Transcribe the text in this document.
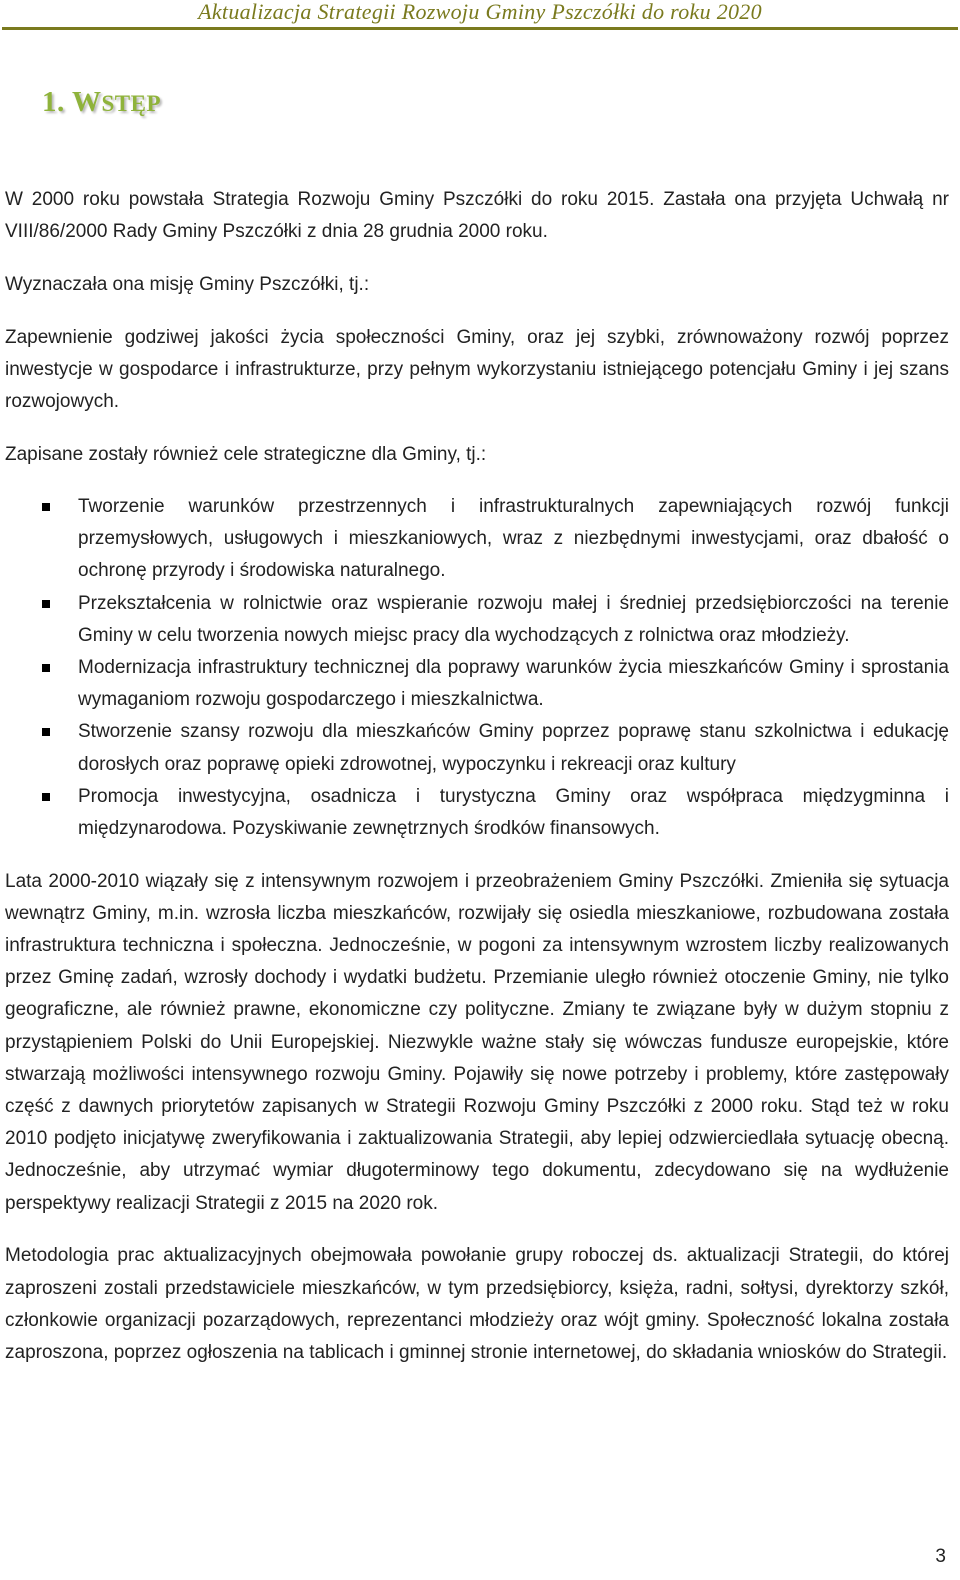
Aktualizacja Strategii Rozwoju Gminy Pszczółki do roku 2020
1. WSTĘP

W 2000 roku powstała Strategia Rozwoju Gminy Pszczółki do roku 2015. Zastała ona przyjęta Uchwałą nr VIII/86/2000 Rady Gminy Pszczółki z dnia 28 grudnia 2000 roku.

Wyznaczała ona misję Gminy Pszczółki, tj.:

Zapewnienie godziwej jakości życia społeczności Gminy, oraz jej szybki, zrównoważony rozwój poprzez inwestycje w gospodarce i infrastrukturze, przy pełnym wykorzystaniu istniejącego potencjału Gminy i jej szans rozwojowych.

Zapisane zostały również cele strategiczne dla Gminy, tj.:

Tworzenie warunków przestrzennych i infrastrukturalnych zapewniających rozwój funkcji przemysłowych, usługowych i mieszkaniowych, wraz z niezbędnymi inwestycjami, oraz dbałość o ochronę przyrody i środowiska naturalnego.
Przekształcenia w rolnictwie oraz wspieranie rozwoju małej i średniej przedsiębiorczości na terenie Gminy w celu tworzenia nowych miejsc pracy dla wychodzących z rolnictwa oraz młodzieży.
Modernizacja infrastruktury technicznej dla poprawy warunków życia mieszkańców Gminy i sprostania wymaganiom rozwoju gospodarczego i mieszkalnictwa.
Stworzenie szansy rozwoju dla mieszkańców Gminy poprzez poprawę stanu szkolnictwa i edukację dorosłych oraz poprawę opieki zdrowotnej, wypoczynku i rekreacji oraz kultury
Promocja inwestycyjna, osadnicza i turystyczna Gminy oraz współpraca międzygminna i międzynarodowa. Pozyskiwanie zewnętrznych środków finansowych.

Lata 2000-2010 wiązały się z intensywnym rozwojem i przeobrażeniem Gminy Pszczółki. Zmieniła się sytuacja wewnątrz Gminy, m.in. wzrosła liczba mieszkańców, rozwijały się osiedla mieszkaniowe, rozbudowana została infrastruktura techniczna i społeczna. Jednocześnie, w pogoni za intensywnym wzrostem liczby realizowanych przez Gminę zadań, wzrosły dochody i wydatki budżetu. Przemianie uległo również otoczenie Gminy, nie tylko geograficzne, ale również prawne, ekonomiczne czy polityczne. Zmiany te związane były w dużym stopniu z przystąpieniem Polski do Unii Europejskiej. Niezwykle ważne stały się wówczas fundusze europejskie, które stwarzają możliwości intensywnego rozwoju Gminy. Pojawiły się nowe potrzeby i problemy, które zastępowały część z dawnych priorytetów zapisanych w Strategii Rozwoju Gminy Pszczółki z 2000 roku. Stąd też w roku 2010 podjęto inicjatywę zweryfikowania i zaktualizowania Strategii, aby lepiej odzwierciedlała sytuację obecną. Jednocześnie, aby utrzymać wymiar długoterminowy tego dokumentu, zdecydowano się na wydłużenie perspektywy realizacji Strategii z 2015 na 2020 rok.

Metodologia prac aktualizacyjnych obejmowała powołanie grupy roboczej ds. aktualizacji Strategii, do której zaproszeni zostali przedstawiciele mieszkańców, w tym przedsiębiorcy, księża, radni, sołtysi, dyrektorzy szkół, członkowie organizacji pozarządowych, reprezentanci młodzieży oraz wójt gminy. Społeczność lokalna została zaproszona, poprzez ogłoszenia na tablicach i gminnej stronie internetowej, do składania wniosków do Strategii.

3
